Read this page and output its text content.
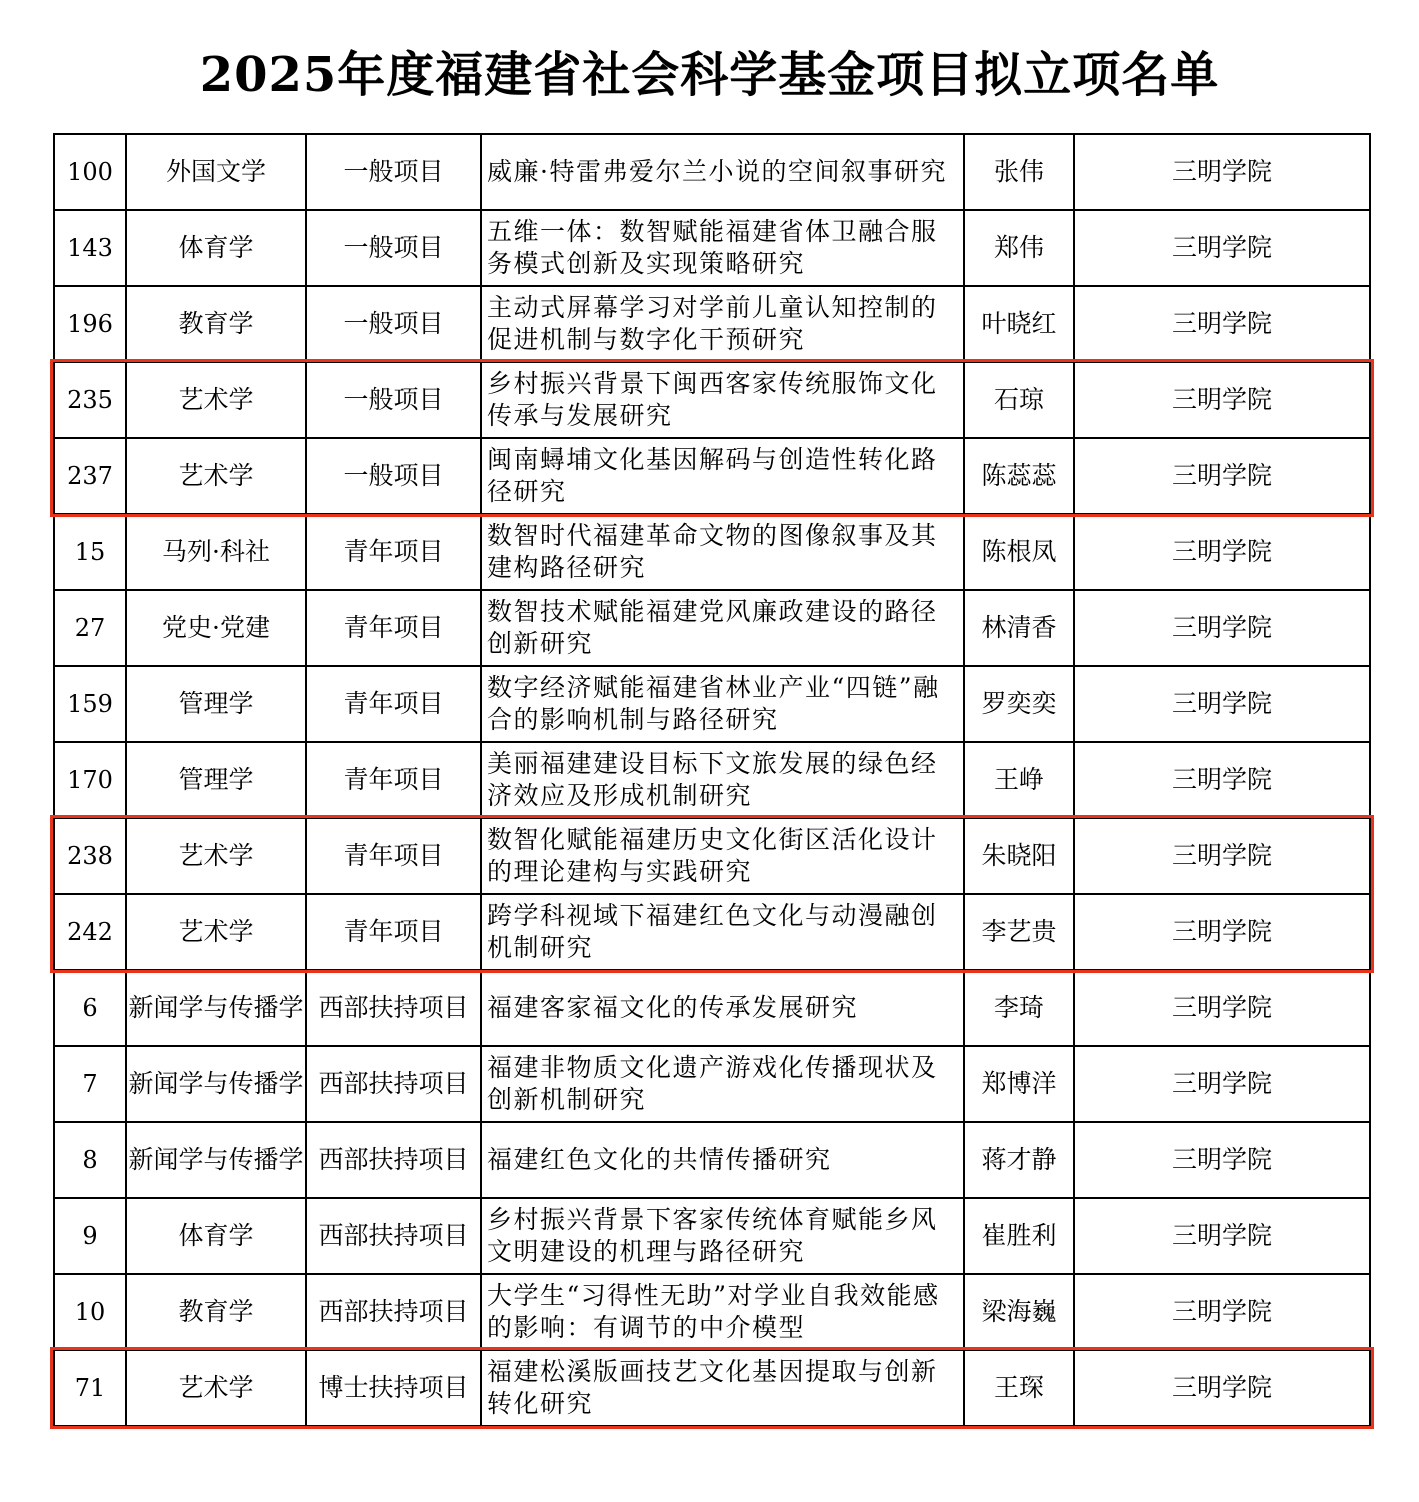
2025年度福建省社会科学基金项目拟立项名单
100	外国文学	一般项目	威廉·特雷弗爱尔兰小说的空间叙事研究	张伟	三明学院
143	体育学	一般项目	五维一体：数智赋能福建省体卫融合服务模式创新及实现策略研究	郑伟	三明学院
196	教育学	一般项目	主动式屏幕学习对学前儿童认知控制的促进机制与数字化干预研究	叶晓红	三明学院
235	艺术学	一般项目	乡村振兴背景下闽西客家传统服饰文化传承与发展研究	石琼	三明学院
237	艺术学	一般项目	闽南蟳埔文化基因解码与创造性转化路径研究	陈蕊蕊	三明学院
15	马列·科社	青年项目	数智时代福建革命文物的图像叙事及其建构路径研究	陈根凤	三明学院
27	党史·党建	青年项目	数智技术赋能福建党风廉政建设的路径创新研究	林清香	三明学院
159	管理学	青年项目	数字经济赋能福建省林业产业“四链”融合的影响机制与路径研究	罗奕奕	三明学院
170	管理学	青年项目	美丽福建建设目标下文旅发展的绿色经济效应及形成机制研究	王峥	三明学院
238	艺术学	青年项目	数智化赋能福建历史文化街区活化设计的理论建构与实践研究	朱晓阳	三明学院
242	艺术学	青年项目	跨学科视域下福建红色文化与动漫融创机制研究	李艺贵	三明学院
6	新闻学与传播学	西部扶持项目	福建客家福文化的传承发展研究	李琦	三明学院
7	新闻学与传播学	西部扶持项目	福建非物质文化遗产游戏化传播现状及创新机制研究	郑博洋	三明学院
8	新闻学与传播学	西部扶持项目	福建红色文化的共情传播研究	蒋才静	三明学院
9	体育学	西部扶持项目	乡村振兴背景下客家传统体育赋能乡风文明建设的机理与路径研究	崔胜利	三明学院
10	教育学	西部扶持项目	大学生“习得性无助”对学业自我效能感的影响：有调节的中介模型	梁海巍	三明学院
71	艺术学	博士扶持项目	福建松溪版画技艺文化基因提取与创新转化研究	王琛	三明学院
